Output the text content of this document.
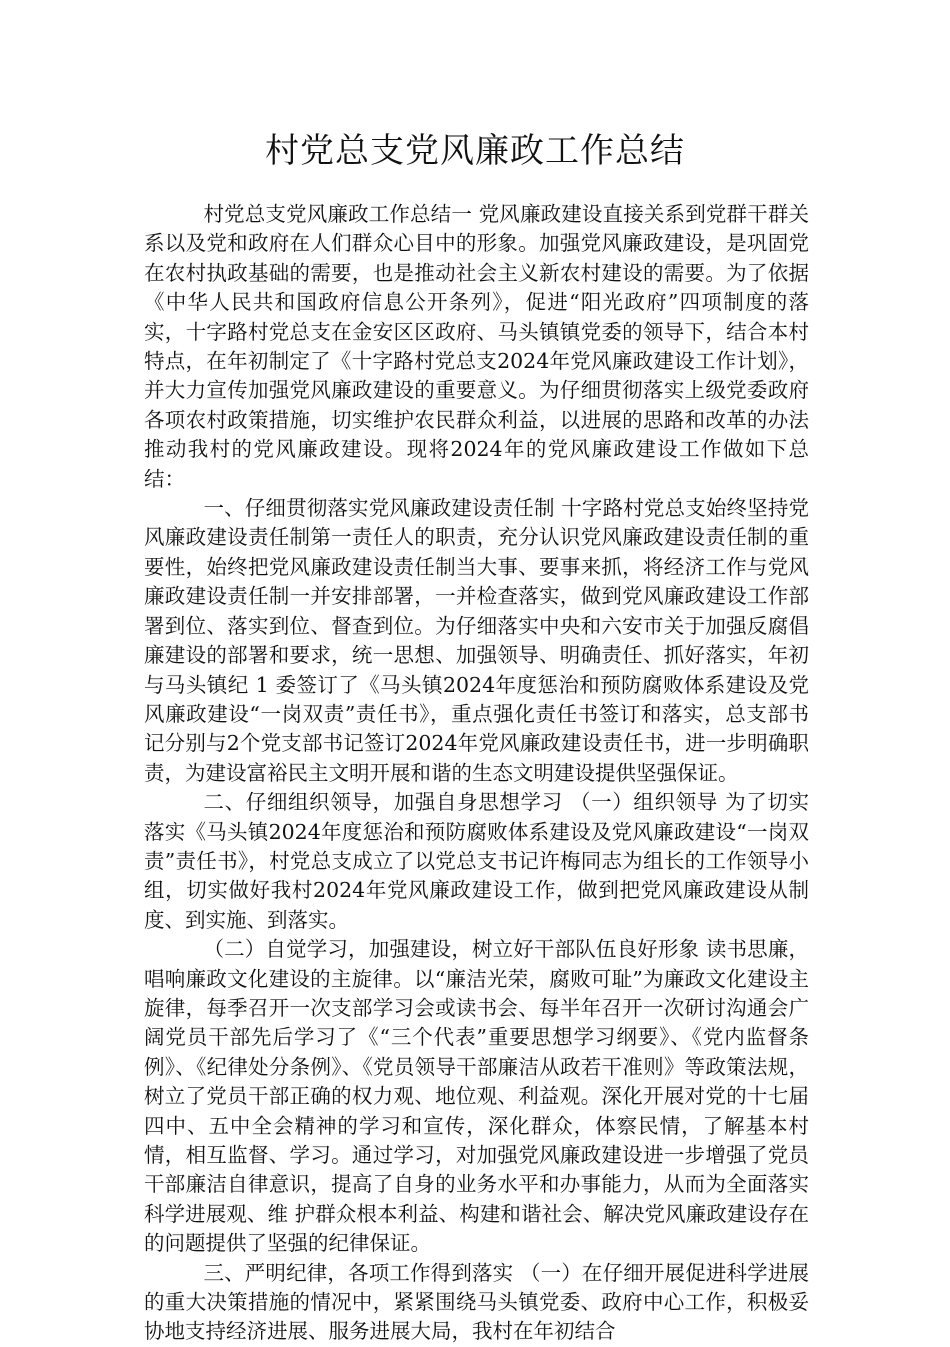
村党总支党风廉政工作总结

村党总支党风廉政工作总结一 党风廉政建设直接关系到党群干群关系以及党和政府在人们群众心目中的形象。加强党风廉政建设，是巩固党在农村执政基础的需要，也是推动社会主义新农村建设的需要。为了依据《中华人民共和国政府信息公开条列》，促进“阳光政府”四项制度的落实，十字路村党总支在金安区区政府、马头镇镇党委的领导下，结合本村特点，在年初制定了《十字路村党总支2024年党风廉政建设工作计划》，并大力宣传加强党风廉政建设的重要意义。为仔细贯彻落实上级党委政府各项农村政策措施，切实维护农民群众利益，以进展的思路和改革的办法推动我村的党风廉政建设。现将2024年的党风廉政建设工作做如下总结：

一、仔细贯彻落实党风廉政建设责任制 十字路村党总支始终坚持党风廉政建设责任制第一责任人的职责，充分认识党风廉政建设责任制的重要性，始终把党风廉政建设责任制当大事、要事来抓，将经济工作与党风廉政建设责任制一并安排部署，一并检查落实，做到党风廉政建设工作部署到位、落实到位、督查到位。为仔细落实中央和六安市关于加强反腐倡廉建设的部署和要求，统一思想、加强领导、明确责任、抓好落实，年初与马头镇纪 1 委签订了《马头镇2024年度惩治和预防腐败体系建设及党风廉政建设“一岗双责”责任书》，重点强化责任书签订和落实，总支部书记分别与2个党支部书记签订2024年党风廉政建设责任书，进一步明确职责，为建设富裕民主文明开展和谐的生态文明建设提供坚强保证。

二、仔细组织领导，加强自身思想学习 （一）组织领导 为了切实落实《马头镇2024年度惩治和预防腐败体系建设及党风廉政建设“一岗双责”责任书》，村党总支成立了以党总支书记许梅同志为组长的工作领导小组，切实做好我村2024年党风廉政建设工作，做到把党风廉政建设从制度、到实施、到落实。

（二）自觉学习，加强建设，树立好干部队伍良好形象 读书思廉，唱响廉政文化建设的主旋律。以“廉洁光荣，腐败可耻”为廉政文化建设主旋律，每季召开一次支部学习会或读书会、每半年召开一次研讨沟通会广阔党员干部先后学习了《“三个代表”重要思想学习纲要》、《党内监督条例》、《纪律处分条例》、《党员领导干部廉洁从政若干准则》等政策法规，树立了党员干部正确的权力观、地位观、利益观。深化开展对党的十七届四中、五中全会精神的学习和宣传，深化群众，体察民情，了解基本村情，相互监督、学习。通过学习，对加强党风廉政建设进一步增强了党员干部廉洁自律意识，提高了自身的业务水平和办事能力，从而为全面落实科学进展观、维 护群众根本利益、构建和谐社会、解决党风廉政建设存在的问题提供了坚强的纪律保证。

三、严明纪律，各项工作得到落实 （一）在仔细开展促进科学进展的重大决策措施的情况中，紧紧围绕马头镇党委、政府中心工作，积极妥协地支持经济进展、服务进展大局，我村在年初结合
